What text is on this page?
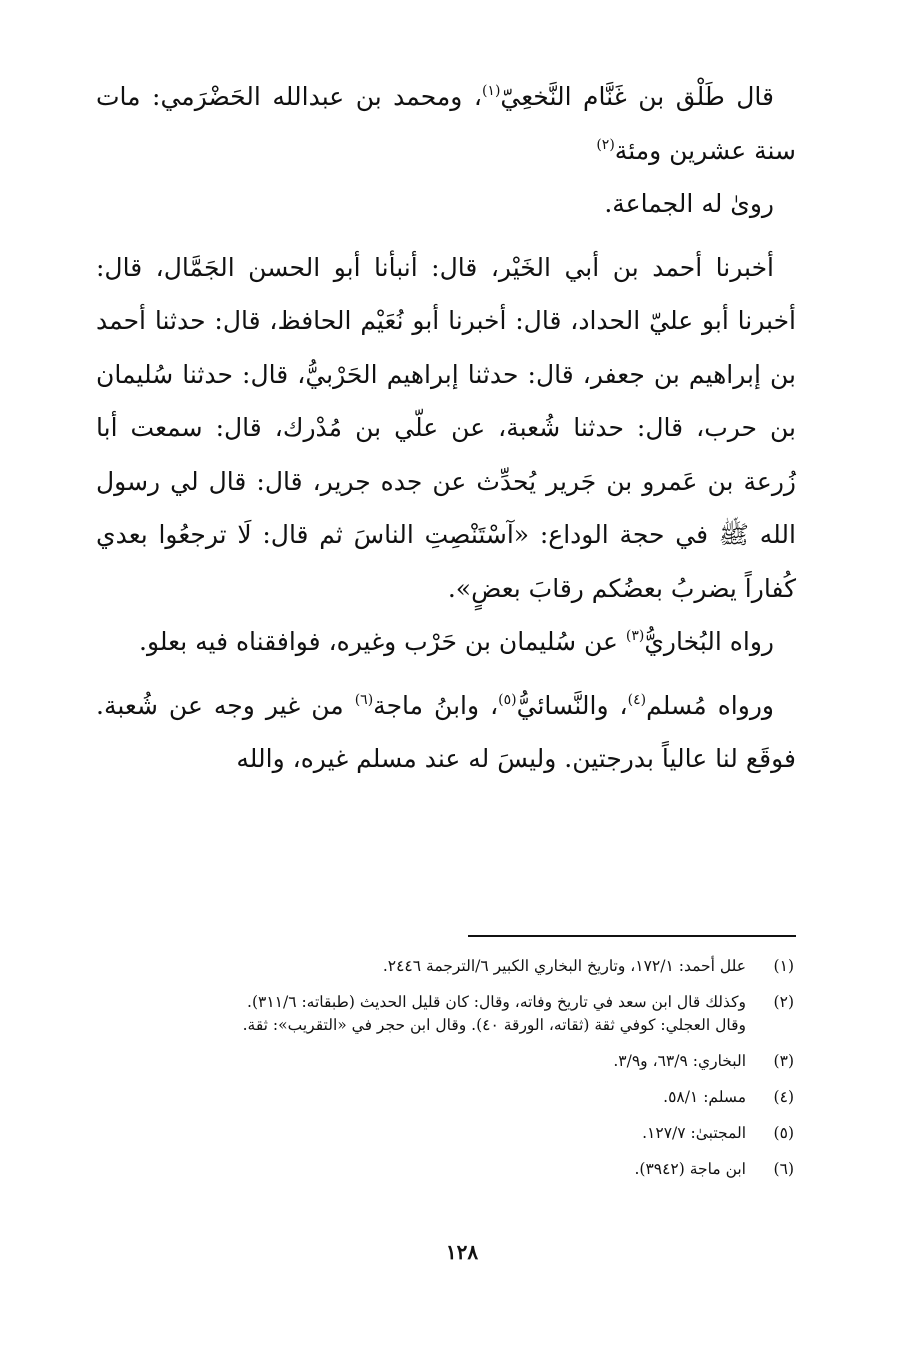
قال طَلْق بن غَنَّام النَّخعِيّ$^{(١)}$، ومحمد بن عبدالله الحَضْرَمي: مات سنة عشرين ومئة$^{(٢)}$

روىٰ له الجماعة.

أخبرنا أحمد بن أبي الخَيْر، قال: أنبأنا أبو الحسن الجَمَّال، قال: أخبرنا أبو عليّ الحداد، قال: أخبرنا أبو نُعَيْم الحافظ، قال: حدثنا أحمد بن إبراهيم بن جعفر، قال: حدثنا إبراهيم الحَرْبيُّ، قال: حدثنا سُليمان بن حرب، قال: حدثنا شُعبة، عن علّي بن مُدْرك، قال: سمعت أبا زُرعة بن عَمرو بن جَرير يُحدِّث عن جده جرير، قال: قال لي رسول الله ﷺ في حجة الوداع: «آسْتَنْصِتِ الناسَ ثم قال: لَا ترجعُوا بعدي كُفاراً يضربُ بعضُكم رقابَ بعضٍ».

رواه البُخاريُّ$^{(٣)}$ عن سُليمان بن حَرْب وغيره، فوافقناه فيه بعلو.

ورواه مُسلم$^{(٤)}$، والنَّسائيُّ$^{(٥)}$، وابنُ ماجة$^{(٦)}$ من غير وجه عن شُعبة. فوقَع لنا عالياً بدرجتين. وليسَ له عند مسلم غيره، والله

(١)
علل أحمد: ١٧٢/١، وتاريخ البخاري الكبير ٦/الترجمة ٢٤٤٦.
(٢)
وكذلك قال ابن سعد في تاريخ وفاته، وقال: كان قليل الحديث (طبقاته: ٣١١/٦).
وقال العجلي: كوفي ثقة (ثقاته، الورقة ٤٠). وقال ابن حجر في «التقريب»: ثقة.
(٣)
البخاري: ٦٣/٩، و٣/٩.
(٤)
مسلم: ٥٨/١.
(٥)
المجتبىٰ: ١٢٧/٧.
(٦)
ابن ماجة (٣٩٤٢).
١٢٨
